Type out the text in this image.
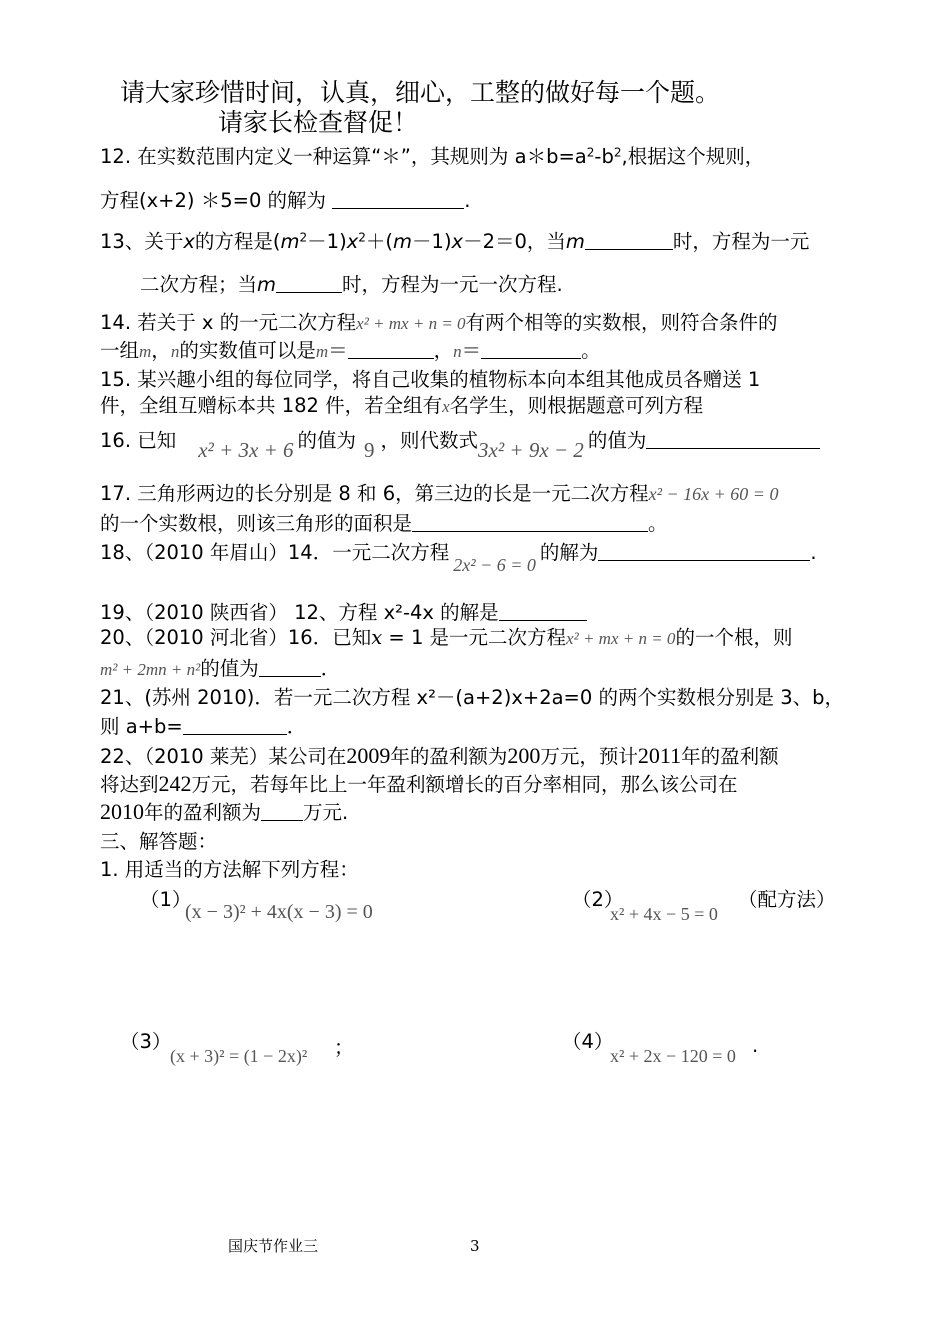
请大家珍惜时间，认真，细心，工整的做好每一个题。
请家长检查督促！
12. 在实数范围内定义一种运算“＊”，其规则为 $a*b=a^2-b^2$,根据这个规则，
方程(x+2) ＊5=0 的解为	.
13、关于x的方程是$(m^2-1)x^2+(m-1)x-2=0$，当m	时，方程为一元
二次方程；当m	时，方程为一元一次方程.
14. 若关于 x 的一元二次方程x² + mx + n = 0有两个相等的实数根，则符合条件的
一组m，n的实数值可以是m＝	，n＝	。
15. 某兴趣小组的每位同学，将自己收集的植物标本向本组其他成员各赠送 1
件，全组互赠标本共 182 件，若全组有x名学生，则根据题意可列方程
16. 已知 x² + 3x + 6 的值为 9 ，则代数式3x² + 9x − 2 的值为
17. 三角形两边的长分别是 8 和 6，第三边的长是一元二次方程x² − 16x + 60 = 0
的一个实数根，则该三角形的面积是	。
18、（2010 年眉山）14．一元二次方程2x² − 6 = 0的解为	.
19、（2010 陕西省） 12、方程 x²-4x 的解是
20、（2010 河北省）16．已知x = 1 是一元二次方程x² + mx + n = 0的一个根，则
m² + 2mn + n²的值为	．
21、(苏州 2010)．若一元二次方程 x²－(a+2)x+2a=0 的两个实数根分别是 3、b，
则 a+b=	．
22、（2010 莱芜）某公司在2009年的盈利额为200万元，预计2011年的盈利额
将达到242万元，若每年比上一年盈利额增长的百分率相同，那么该公司在
2010年的盈利额为 万元.
三、解答题：
1. 用适当的方法解下列方程：
（1）
(x − 3)² + 4x(x − 3) = 0
（2）
x² + 4x − 5 = 0
（配方法）
（3）
(x + 3)² = (1 − 2x)² ；	（4）
x² + 2x − 120 = 0 .
国庆节作业三	3
